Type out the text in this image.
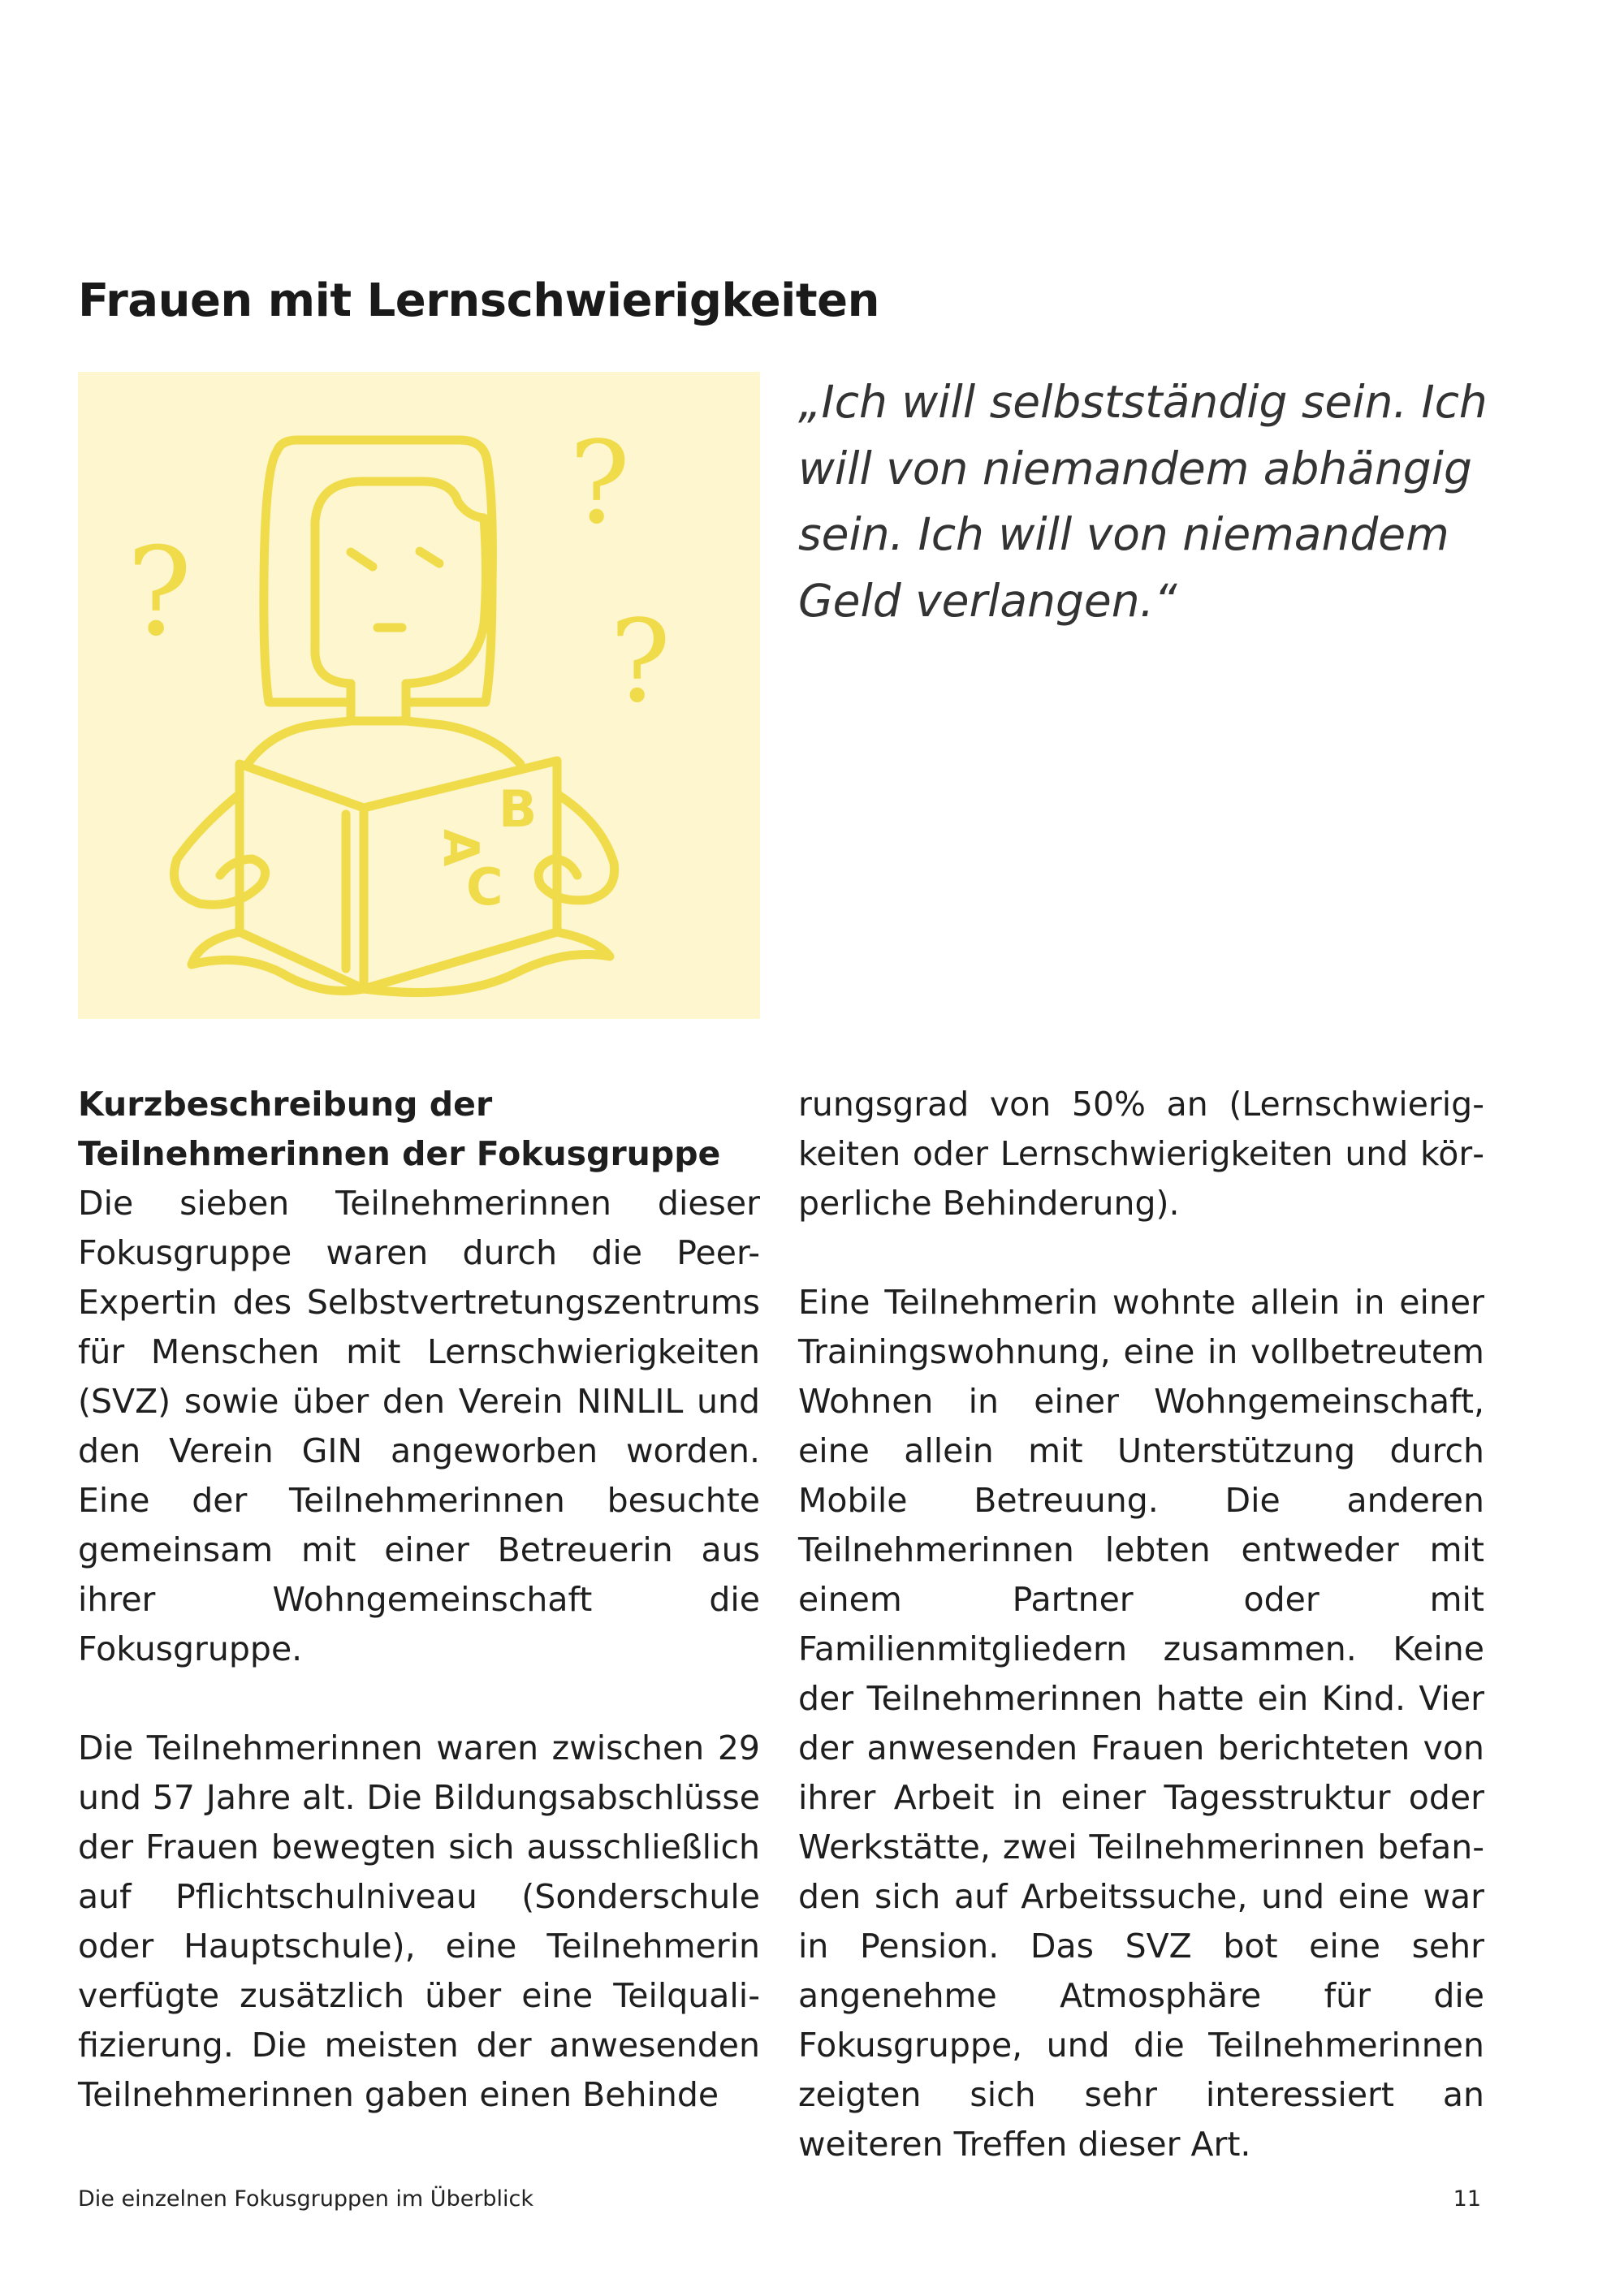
Frauen mit Lernschwierigkeiten
?
?
?
A
B
C

„Ich will selbstständig sein. Ich will von niemandem abhängig sein. Ich will von niemandem Geld verlangen.“

Kurzbeschreibung der Teilnehmerinnen der Fokusgruppe

Die sieben Teilnehmerinnen dieser Fokusgruppe waren durch die Peer-Expertin des Selbstvertretungszentrums für Menschen mit Lernschwierigkeiten (SVZ) sowie über den Verein NINLIL und den Verein GIN angeworben worden. Eine der Teilnehmerinnen besuchte gemeinsam mit einer Betreuerin aus ihrer Wohngemeinschaft die Fokusgruppe.

Die Teilnehmerinnen waren zwischen 29 und 57 Jahre alt. Die Bildungsabschlüsse der Frauen bewegten sich ausschließlich auf Pflichtschulniveau (Sonderschule oder Hauptschule), eine Teilnehmerin verfügte zusätzlich über eine Teilqualifizierung. Die meisten der anwesenden Teilnehmerinnen gaben einen Behinde

rungsgrad von 50% an (Lernschwierigkeiten oder Lernschwierigkeiten und körperliche Behinderung).

Eine Teilnehmerin wohnte allein in einer Trainingswohnung, eine in vollbetreutem Wohnen in einer Wohngemeinschaft, eine allein mit Unterstützung durch Mobile Betreuung. Die anderen Teilnehmerinnen lebten entweder mit einem Partner oder mit Familienmitgliedern zusammen. Keine der Teilnehmerinnen hatte ein Kind. Vier der anwesenden Frauen berichteten von ihrer Arbeit in einer Tagesstruktur oder Werkstätte, zwei Teilnehmerinnen befanden sich auf Arbeitssuche, und eine war in Pension. Das SVZ bot eine sehr angenehme Atmosphäre für die Fokusgruppe, und die Teilnehmerinnen zeigten sich sehr interessiert an weiteren Treffen dieser Art.

Die einzelnen Fokusgruppen im Überblick	11
